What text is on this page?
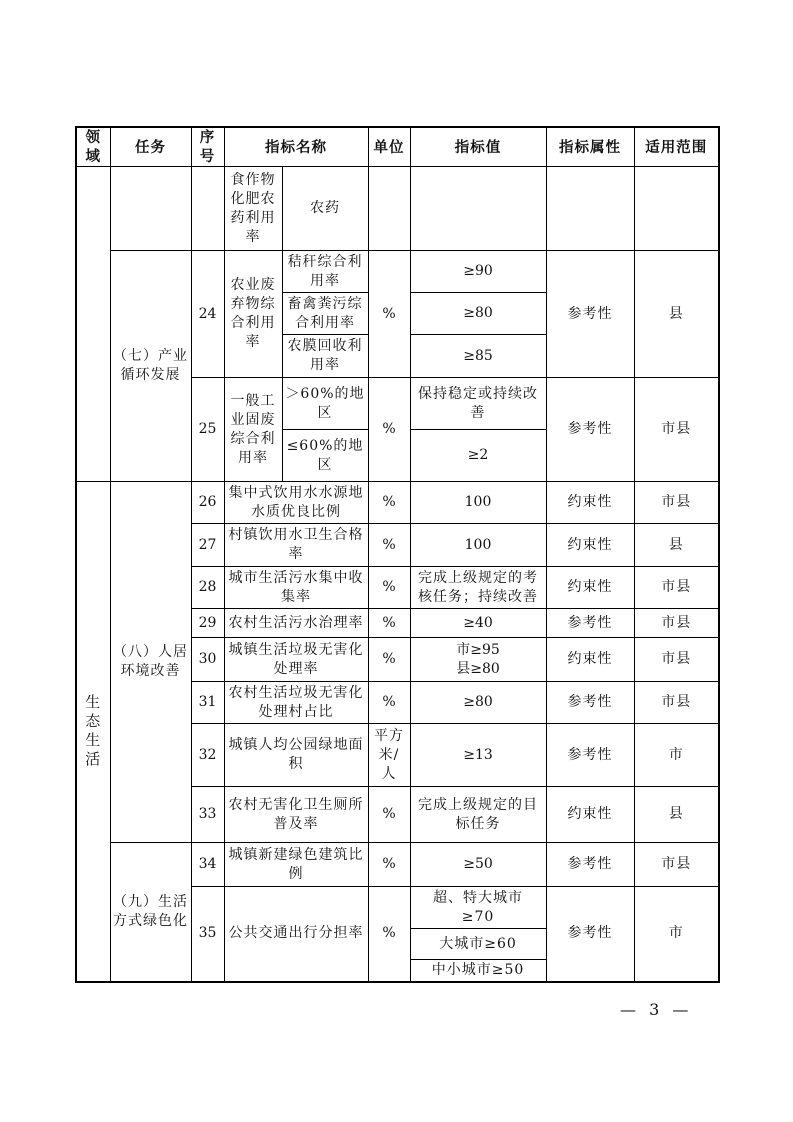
领域	任务	序号	指标名称		单位	指标值	指标属性	适用范围
			食作物化肥农药利用率	农药				
	（七）产业循环发展	24	农业废弃物综合利用率	秸秆综合利用率	%	≥90	参考性	县
				畜禽粪污综合利用率		≥80		
				农膜回收利用率		≥85		
		25	一般工业固废综合利用率	＞60%的地区	%	保持稳定或持续改善	参考性	市县
				≤60%的地区		≥2		
生态生活	（八）人居环境改善	26	集中式饮用水水源地水质优良比例		%	100	约束性	市县
		27	村镇饮用水卫生合格率		%	100	约束性	县
		28	城市生活污水集中收集率		%	完成上级规定的考核任务；持续改善	约束性	市县
		29	农村生活污水治理率		%	≥40	参考性	市县
		30	城镇生活垃圾无害化处理率		%	市≥95 县≥80	约束性	市县
		31	农村生活垃圾无害化处理村占比		%	≥80	参考性	市县
		32	城镇人均公园绿地面积		平方米/人	≥13	参考性	市
		33	农村无害化卫生厕所普及率		%	完成上级规定的目标任务	约束性	县
	（九）生活方式绿色化	34	城镇新建绿色建筑比例		%	≥50	参考性	市县
		35	公共交通出行分担率		%	超、特大城市≥70	参考性	市
						大城市≥60		
						中小城市≥50		
— 3 —
